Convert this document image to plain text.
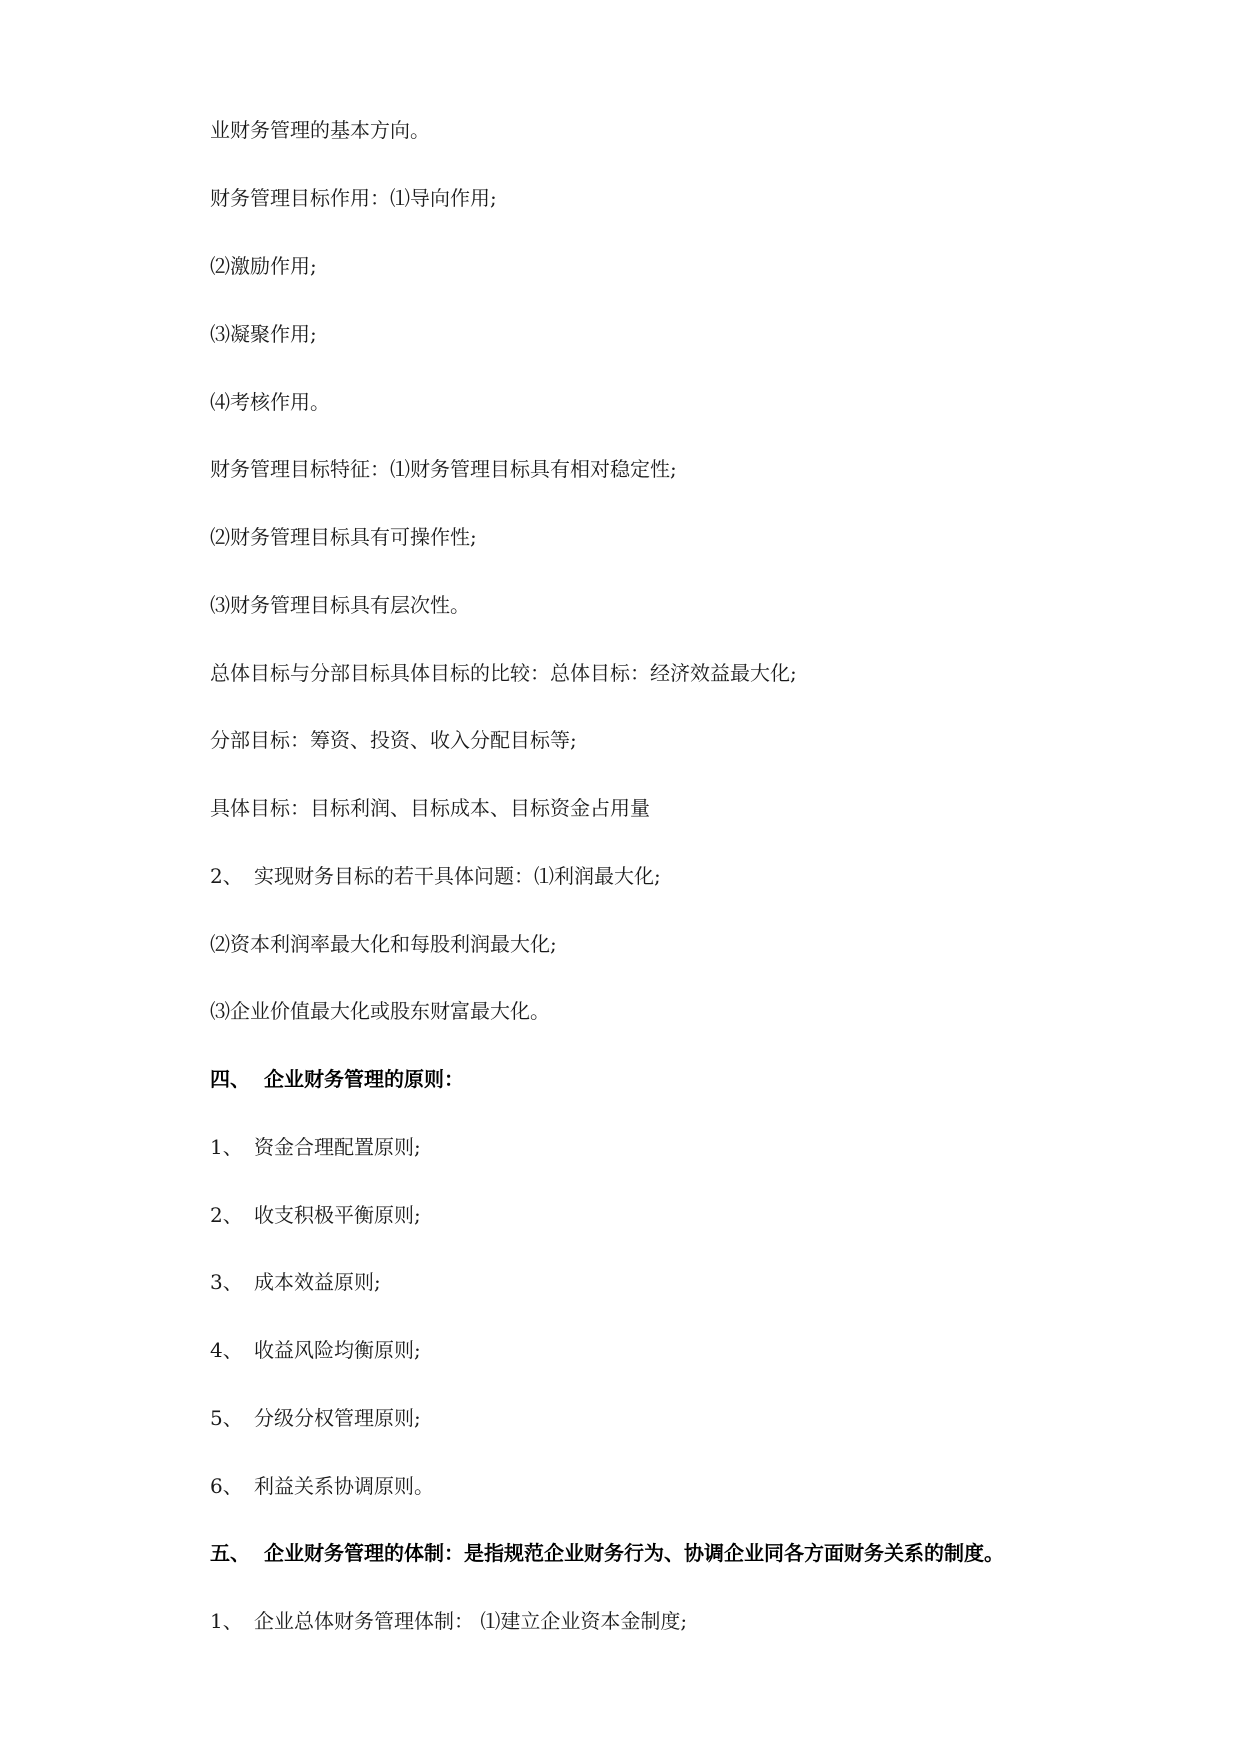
业财务管理的基本方向。

财务管理目标作用：⑴导向作用;

⑵激励作用;

⑶凝聚作用;

⑷考核作用。

财务管理目标特征：⑴财务管理目标具有相对稳定性;

⑵财务管理目标具有可操作性;

⑶财务管理目标具有层次性。

总体目标与分部目标具体目标的比较：总体目标：经济效益最大化;

分部目标：筹资、投资、收入分配目标等;

具体目标：目标利润、目标成本、目标资金占用量

2、 实现财务目标的若干具体问题：⑴利润最大化;

⑵资本利润率最大化和每股利润最大化;

⑶企业价值最大化或股东财富最大化。

四、 企业财务管理的原则：

1、 资金合理配置原则;

2、 收支积极平衡原则;

3、 成本效益原则;

4、 收益风险均衡原则;

5、 分级分权管理原则;

6、 利益关系协调原则。

五、 企业财务管理的体制：是指规范企业财务行为、协调企业同各方面财务关系的制度。

1、 企业总体财务管理体制： ⑴建立企业资本金制度;
